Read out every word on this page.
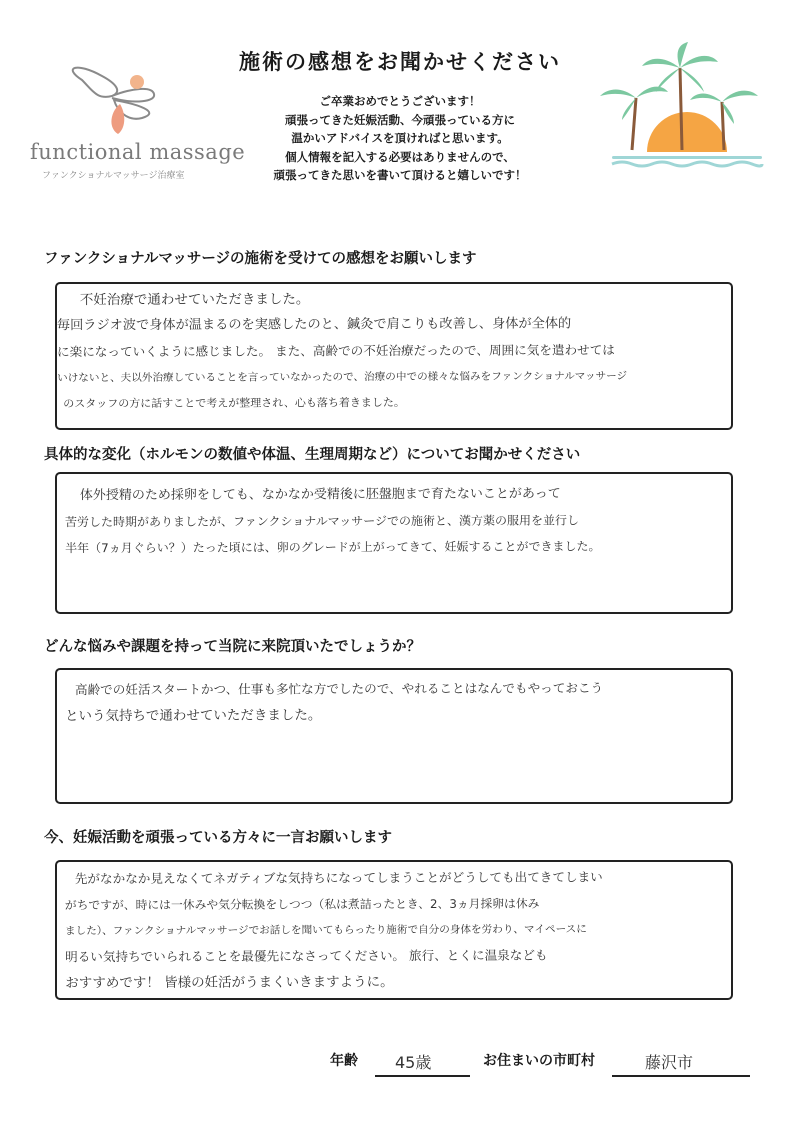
functional massage
ファンクショナルマッサージ治療室
施術の感想をお聞かせください
ご卒業おめでとうございます！
頑張ってきた妊娠活動、今頑張っている方に
温かいアドバイスを頂ければと思います。
個人情報を記入する必要はありませんので、
頑張ってきた思いを書いて頂けると嬉しいです！
ファンクショナルマッサージの施術を受けての感想をお願いします
不妊治療で通わせていただきました。
毎回ラジオ波で身体が温まるのを実感したのと、鍼灸で肩こりも改善し、身体が全体的
に楽になっていくように感じました。 また、高齢での不妊治療だったので、周囲に気を遣わせては
いけないと、夫以外治療していることを言っていなかったので、治療の中での様々な悩みをファンクショナルマッサージ
のスタッフの方に話すことで考えが整理され、心も落ち着きました。
具体的な変化（ホルモンの数値や体温、生理周期など）についてお聞かせください
体外授精のため採卵をしても、なかなか受精後に胚盤胞まで育たないことがあって
苦労した時期がありましたが、ファンクショナルマッサージでの施術と、漢方薬の服用を並行し
半年（7ヵ月ぐらい？）たった頃には、卵のグレードが上がってきて、妊娠することができました。
どんな悩みや課題を持って当院に来院頂いたでしょうか？
高齢での妊活スタートかつ、仕事も多忙な方でしたので、やれることはなんでもやっておこう
という気持ちで通わせていただきました。
今、妊娠活動を頑張っている方々に一言お願いします
先がなかなか見えなくてネガティブな気持ちになってしまうことがどうしても出てきてしまい
がちですが、時には一休みや気分転換をしつつ（私は煮詰ったとき、2、3ヵ月採卵は休み
ました）、ファンクショナルマッサージでお話しを聞いてもらったり施術で自分の身体を労わり、マイペースに
明るい気持ちでいられることを最優先になさってください。 旅行、とくに温泉なども
おすすめです！ 皆様の妊活がうまくいきますように。
年齢 45歳	お住まいの市町村	藤沢市
